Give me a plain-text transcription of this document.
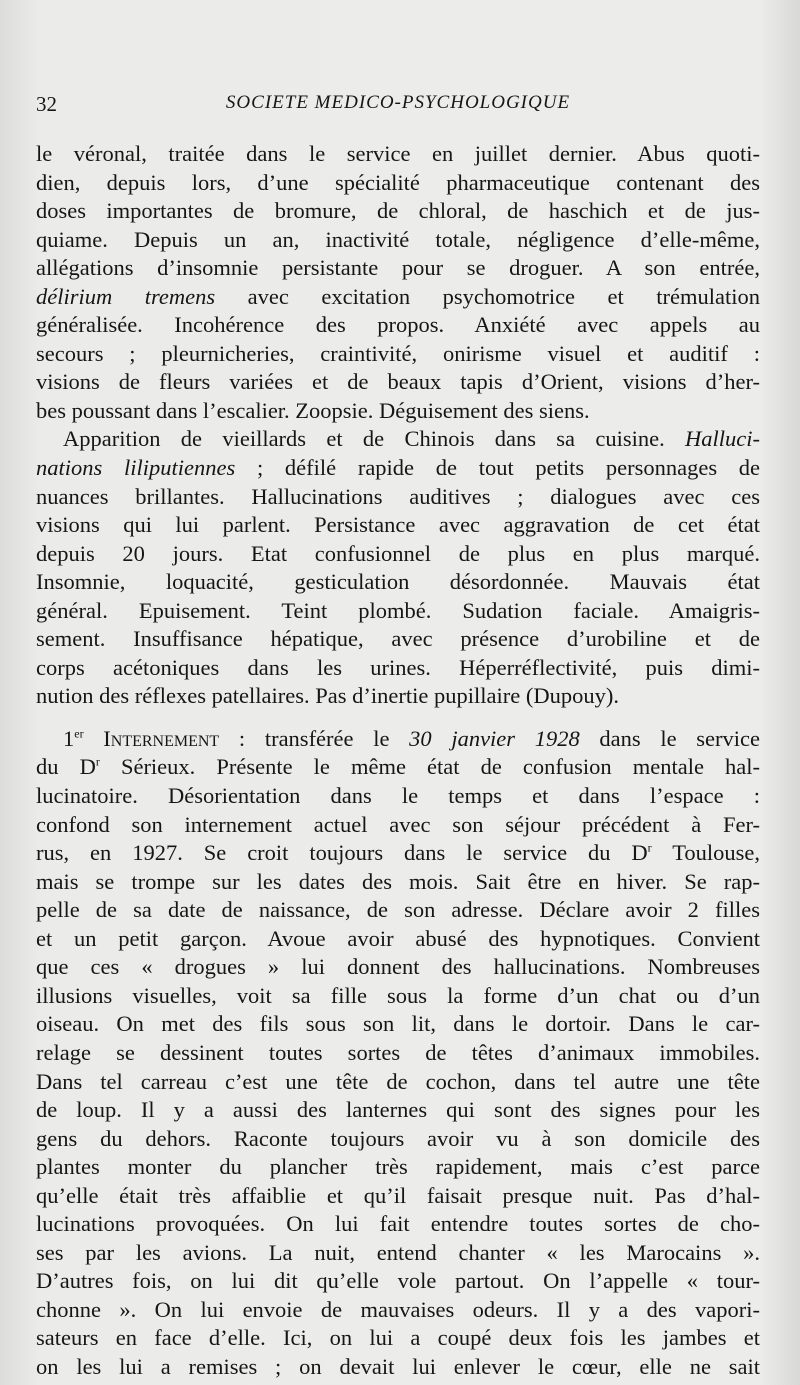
32	SOCIETE MEDICO-PSYCHOLOGIQUE
le véronal, traitée dans le service en juillet dernier. Abus quoti-
dien, depuis lors, d’une spécialité pharmaceutique contenant des
doses importantes de bromure, de chloral, de haschich et de jus-
quiame. Depuis un an, inactivité totale, négligence d’elle-même,
allégations d’insomnie persistante pour se droguer. A son entrée,
délirium tremens avec excitation psychomotrice et trémulation
généralisée. Incohérence des propos. Anxiété avec appels au
secours ; pleurnicheries, craintivité, onirisme visuel et auditif :
visions de fleurs variées et de beaux tapis d’Orient, visions d’her-
bes poussant dans l’escalier. Zoopsie. Déguisement des siens.
Apparition de vieillards et de Chinois dans sa cuisine. Halluci-
nations liliputiennes ; défilé rapide de tout petits personnages de
nuances brillantes. Hallucinations auditives ; dialogues avec ces
visions qui lui parlent. Persistance avec aggravation de cet état
depuis 20 jours. Etat confusionnel de plus en plus marqué.
Insomnie, loquacité, gesticulation désordonnée. Mauvais état
général. Epuisement. Teint plombé. Sudation faciale. Amaigris-
sement. Insuffisance hépatique, avec présence d’urobiline et de
corps acétoniques dans les urines. Héperréflectivité, puis dimi-
nution des réflexes patellaires. Pas d’inertie pupillaire (Dupouy).
1er Internement : transférée le 30 janvier 1928 dans le service
du $D^r$ Sérieux. Présente le même état de confusion mentale hal-
lucinatoire. Désorientation dans le temps et dans l’espace :
confond son internement actuel avec son séjour précédent à Fer-
rus, en 1927. Se croit toujours dans le service du $D^r$ Toulouse,
mais se trompe sur les dates des mois. Sait être en hiver. Se rap-
pelle de sa date de naissance, de son adresse. Déclare avoir 2 filles
et un petit garçon. Avoue avoir abusé des hypnotiques. Convient
que ces « drogues » lui donnent des hallucinations. Nombreuses
illusions visuelles, voit sa fille sous la forme d’un chat ou d’un
oiseau. On met des fils sous son lit, dans le dortoir. Dans le car-
relage se dessinent toutes sortes de têtes d’animaux immobiles.
Dans tel carreau c’est une tête de cochon, dans tel autre une tête
de loup. Il y a aussi des lanternes qui sont des signes pour les
gens du dehors. Raconte toujours avoir vu à son domicile des
plantes monter du plancher très rapidement, mais c’est parce
qu’elle était très affaiblie et qu’il faisait presque nuit. Pas d’hal-
lucinations provoquées. On lui fait entendre toutes sortes de cho-
ses par les avions. La nuit, entend chanter « les Marocains ».
D’autres fois, on lui dit qu’elle vole partout. On l’appelle « tour-
chonne ». On lui envoie de mauvaises odeurs. Il y a des vapori-
sateurs en face d’elle. Ici, on lui a coupé deux fois les jambes et
on les lui a remises ; on devait lui enlever le cœur, elle ne sait
